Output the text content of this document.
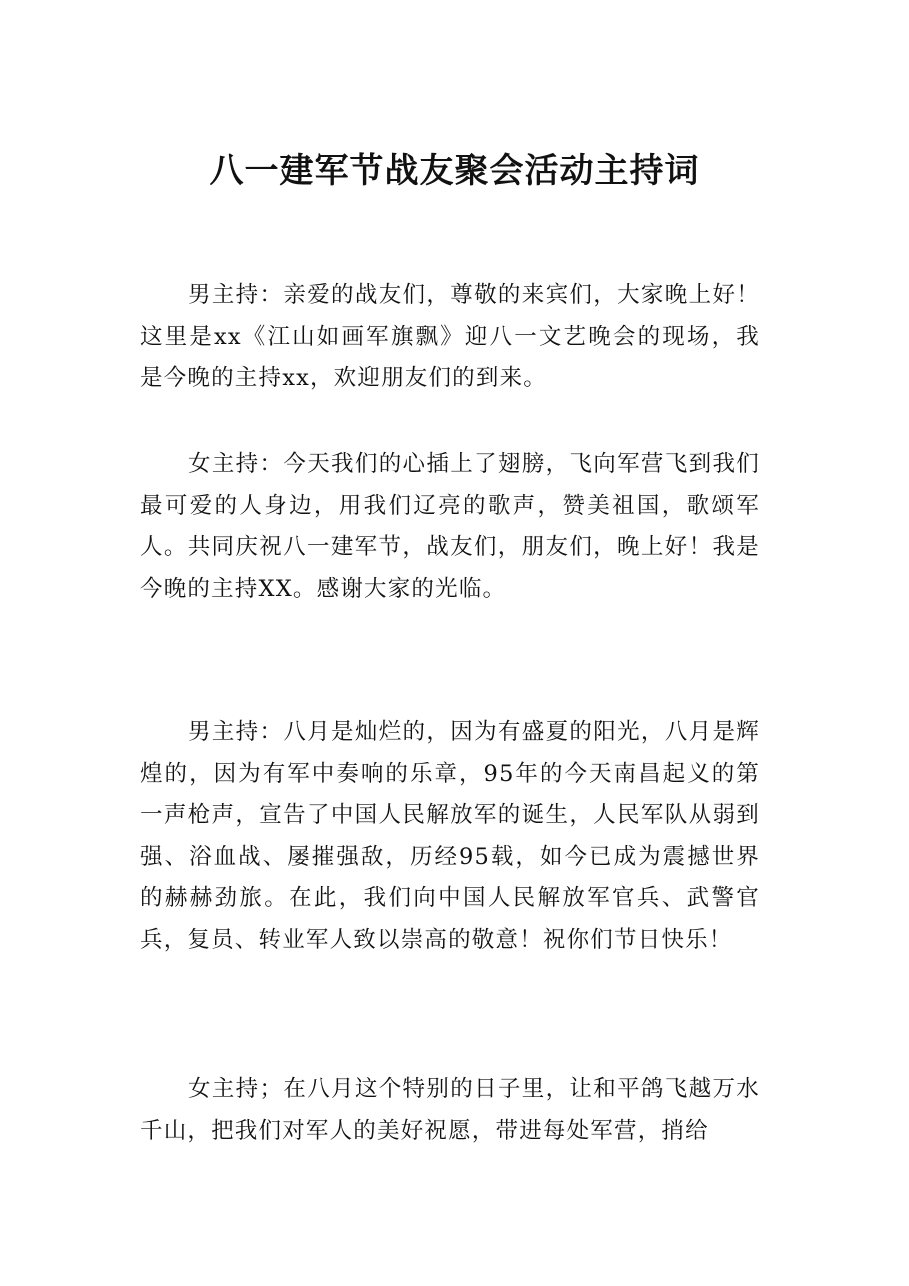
八一建军节战友聚会活动主持词

男主持：亲爱的战友们，尊敬的来宾们，大家晚上好！这里是xx《江山如画军旗飘》迎八一文艺晚会的现场，我是今晚的主持xx，欢迎朋友们的到来。

女主持：今天我们的心插上了翅膀，飞向军营飞到我们最可爱的人身边，用我们辽亮的歌声，赞美祖国，歌颂军人。共同庆祝八一建军节，战友们，朋友们，晚上好！我是今晚的主持XX。感谢大家的光临。

男主持：八月是灿烂的，因为有盛夏的阳光，八月是辉煌的，因为有军中奏响的乐章，95年的今天南昌起义的第一声枪声，宣告了中国人民解放军的诞生，人民军队从弱到强、浴血战、屡摧强敌，历经95载，如今已成为震撼世界的赫赫劲旅。在此，我们向中国人民解放军官兵、武警官兵，复员、转业军人致以崇高的敬意！祝你们节日快乐！

女主持；在八月这个特别的日子里，让和平鸽飞越万水千山，把我们对军人的美好祝愿，带进每处军营，捎给
